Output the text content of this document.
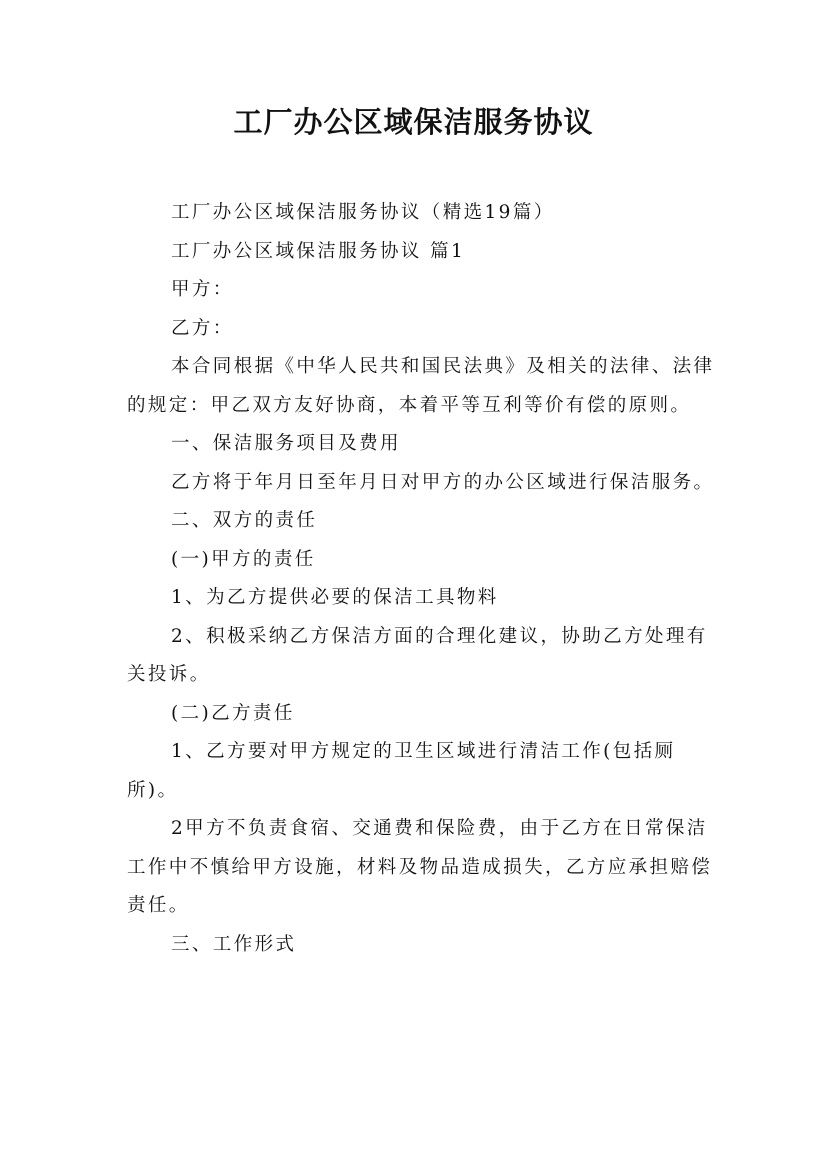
工厂办公区域保洁服务协议

工厂办公区域保洁服务协议（精选19篇）

工厂办公区域保洁服务协议 篇1

甲方：

乙方：

本合同根据《中华人民共和国民法典》及相关的法律、法律的规定：甲乙双方友好协商，本着平等互利等价有偿的原则。

一、保洁服务项目及费用

乙方将于年月日至年月日对甲方的办公区域进行保洁服务。

二、双方的责任

(一)甲方的责任

1、为乙方提供必要的保洁工具物料

2、积极采纳乙方保洁方面的合理化建议，协助乙方处理有关投诉。

(二)乙方责任

1、乙方要对甲方规定的卫生区域进行清洁工作(包括厕所)。

2甲方不负责食宿、交通费和保险费，由于乙方在日常保洁工作中不慎给甲方设施，材料及物品造成损失，乙方应承担赔偿责任。

三、工作形式
